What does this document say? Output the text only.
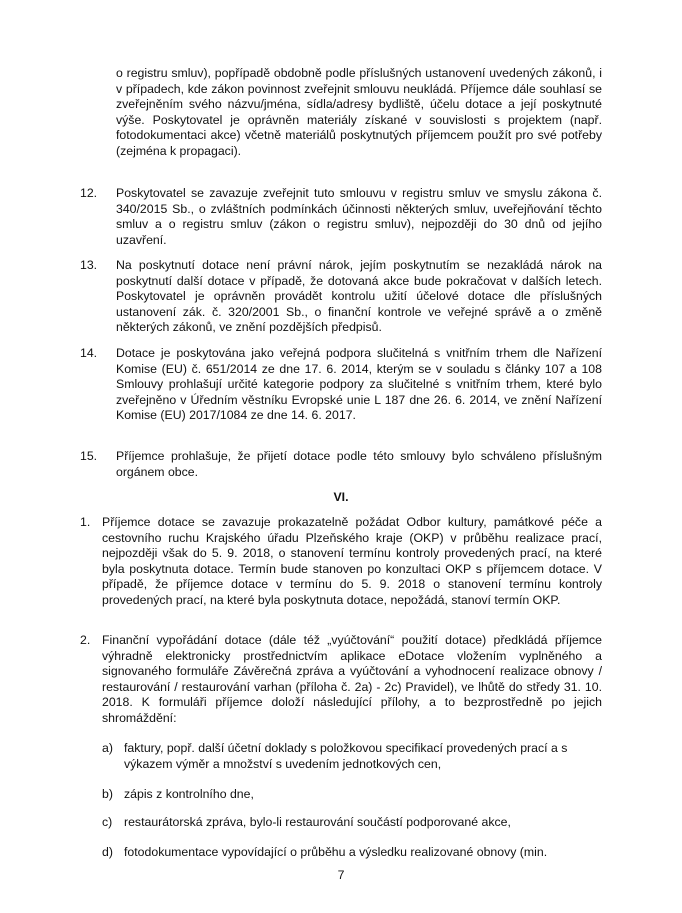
o registru smluv), popřípadě obdobně podle příslušných ustanovení uvedených zákonů, i v případech, kde zákon povinnost zveřejnit smlouvu neukládá. Příjemce dále souhlasí se zveřejněním svého názvu/jména, sídla/adresy bydliště, účelu dotace a její poskytnuté výše. Poskytovatel je oprávněn materiály získané v souvislosti s projektem (např. fotodokumentaci akce) včetně materiálů poskytnutých příjemcem použít pro své potřeby (zejména k propagaci).

12. Poskytovatel se zavazuje zveřejnit tuto smlouvu v registru smluv ve smyslu zákona č. 340/2015 Sb., o zvláštních podmínkách účinnosti některých smluv, uveřejňování těchto smluv a o registru smluv (zákon o registru smluv), nejpozději do 30 dnů od jejího uzavření.

13. Na poskytnutí dotace není právní nárok, jejím poskytnutím se nezakládá nárok na poskytnutí další dotace v případě, že dotovaná akce bude pokračovat v dalších letech. Poskytovatel je oprávněn provádět kontrolu užití účelové dotace dle příslušných ustanovení zák. č. 320/2001 Sb., o finanční kontrole ve veřejné správě a o změně některých zákonů, ve znění pozdějších předpisů.

14. Dotace je poskytována jako veřejná podpora slučitelná s vnitřním trhem dle Nařízení Komise (EU) č. 651/2014 ze dne 17. 6. 2014, kterým se v souladu s články 107 a 108 Smlouvy prohlašují určité kategorie podpory za slučitelné s vnitřním trhem, které bylo zveřejněno v Úředním věstníku Evropské unie L 187 dne 26. 6. 2014, ve znění Nařízení Komise (EU) 2017/1084 ze dne 14. 6. 2017.

15. Příjemce prohlašuje, že přijetí dotace podle této smlouvy bylo schváleno příslušným orgánem obce.

VI.
1. Příjemce dotace se zavazuje prokazatelně požádat Odbor kultury, památkové péče a cestovního ruchu Krajského úřadu Plzeňského kraje (OKP) v průběhu realizace prací, nejpozději však do 5. 9. 2018, o stanovení termínu kontroly provedených prací, na které byla poskytnuta dotace. Termín bude stanoven po konzultaci OKP s příjemcem dotace. V případě, že příjemce dotace v termínu do 5. 9. 2018 o stanovení termínu kontroly provedených prací, na které byla poskytnuta dotace, nepožádá, stanoví termín OKP.

2. Finanční vypořádání dotace (dále též „vyúčtování“ použití dotace) předkládá příjemce výhradně elektronicky prostřednictvím aplikace eDotace vložením vyplněného a signovaného formuláře Závěrečná zpráva a vyúčtování a vyhodnocení realizace obnovy / restaurování / restaurování varhan (příloha č. 2a) - 2c) Pravidel), ve lhůtě do středy 31. 10. 2018. K formuláři příjemce doloží následující přílohy, a to bezprostředně po jejich shromáždění:

a) faktury, popř. další účetní doklady s položkovou specifikací provedených prací a s výkazem výměr a množství s uvedením jednotkových cen,

b) zápis z kontrolního dne,

c) restaurátorská zpráva, bylo-li restaurování součástí podporované akce,

d) fotodokumentace vypovídající o průběhu a výsledku realizované obnovy (min.

7
